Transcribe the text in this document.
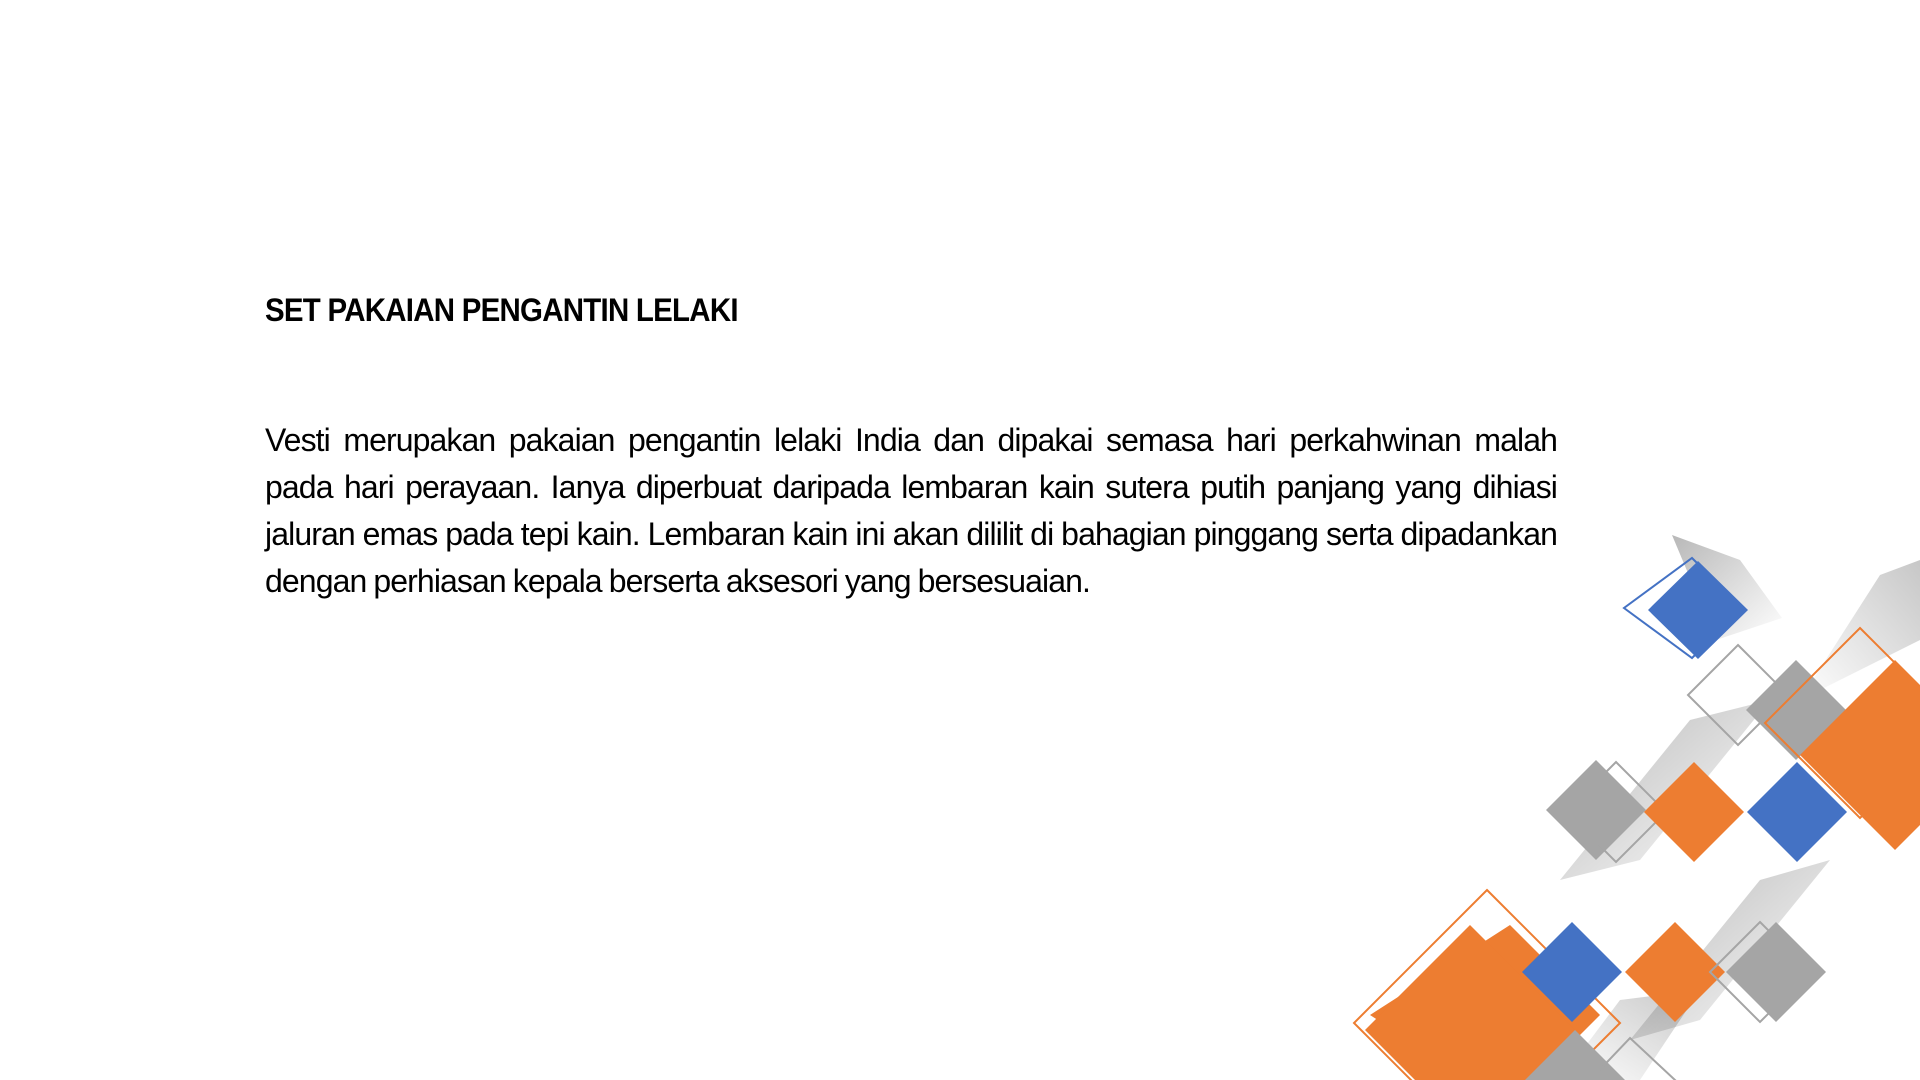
SET PAKAIAN PENGANTIN LELAKI

Vesti merupakan pakaian pengantin lelaki India dan dipakai semasa hari perkahwinan malah pada hari perayaan. Ianya diperbuat daripada lembaran kain sutera putih panjang yang dihiasi jaluran emas pada tepi kain. Lembaran kain ini akan dililit di bahagian pinggang serta dipadankan dengan perhiasan kepala berserta aksesori yang bersesuaian.
